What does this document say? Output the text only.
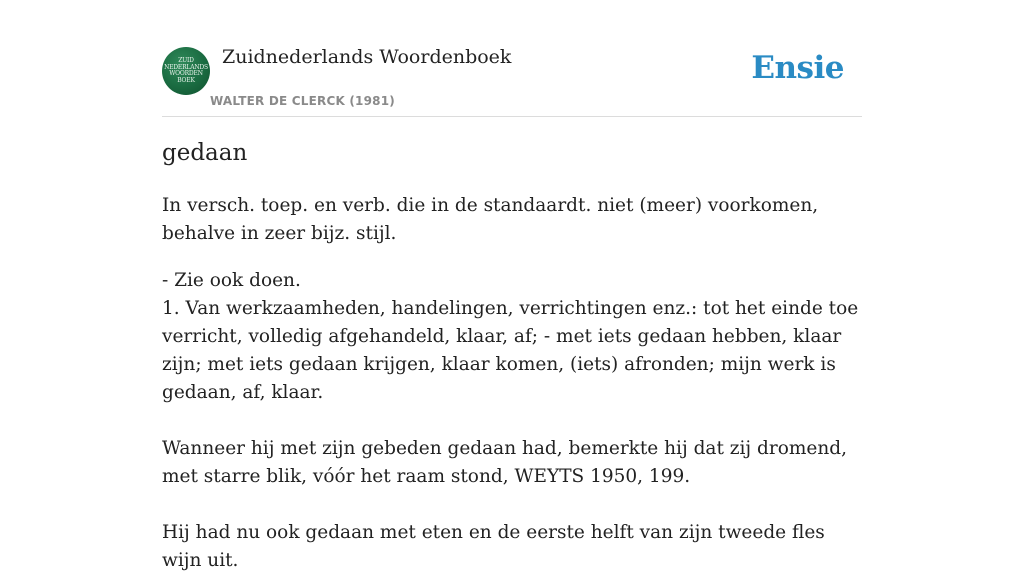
ZUID
NEDERLANDS
WOORDEN
BOEK
Zuidnederlands Woordenboek
WALTER DE CLERCK (1981)
Ensie
gedaan

In versch. toep. en verb. die in de standaardt. niet (meer) voorkomen, behalve in zeer bijz. stijl.

- Zie ook doen.

1. Van werkzaamheden, handelingen, verrichtingen enz.: tot het einde toe verricht, volledig afgehandeld, klaar, af; - met iets gedaan hebben, klaar zijn; met iets gedaan krijgen, klaar komen, (iets) afronden; mijn werk is gedaan, af, klaar.

Wanneer hij met zijn gebeden gedaan had, bemerkte hij dat zij dromend, met starre blik, vóór het raam stond, WEYTS 1950, 199.

Hij had nu ook gedaan met eten en de eerste helft van zijn tweede fles wijn uit.
